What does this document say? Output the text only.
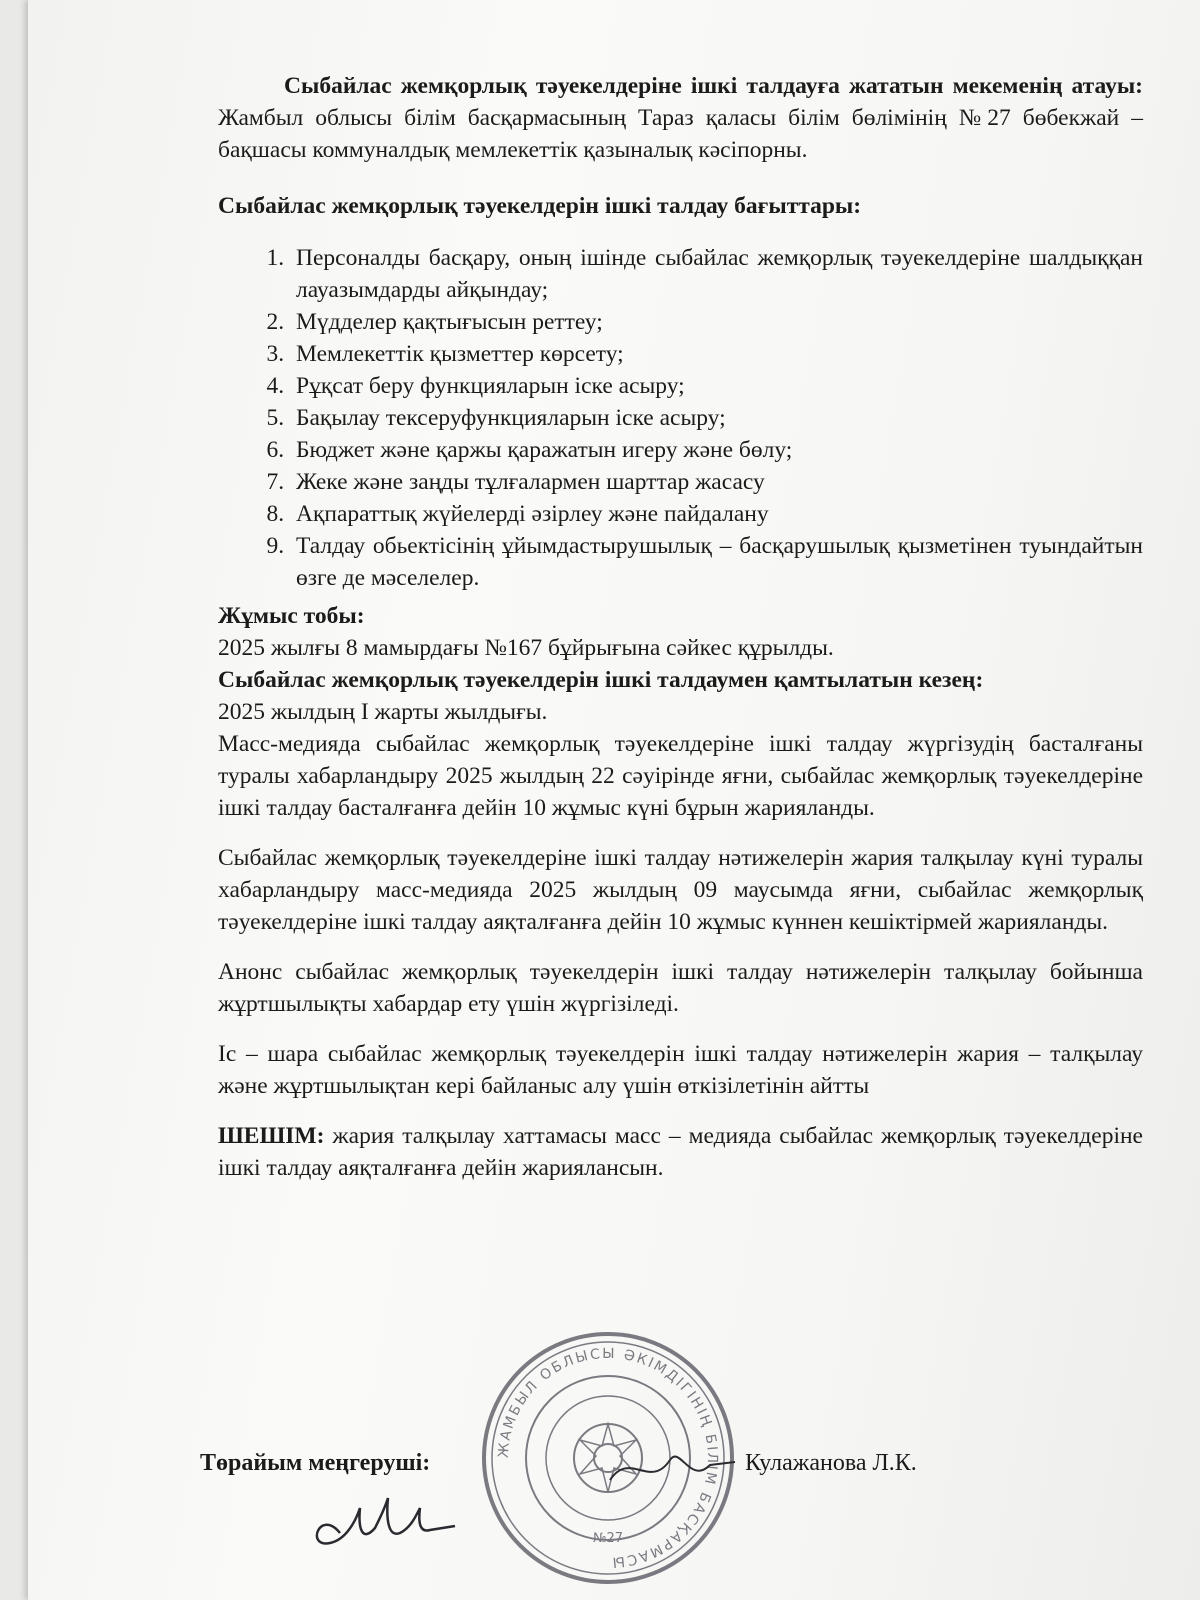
Сыбайлас жемқорлық тәуекелдеріне ішкі талдауға жататын мекеменің атауы: Жамбыл облысы білім басқармасының Тараз қаласы білім бөлімінің №27 бөбекжай – бақшасы коммуналдық мемлекеттік қазыналық кәсіпорны.

Сыбайлас жемқорлық тәуекелдерін ішкі талдау бағыттары:

1. Персоналды басқару, оның ішінде сыбайлас жемқорлық тәуекелдеріне шалдыққан лауазымдарды айқындау;
2. Мүдделер қақтығысын реттеу;
3. Мемлекеттік қызметтер көрсету;
4. Рұқсат беру функцияларын іске асыру;
5. Бақылау тексеруфункцияларын іске асыру;
6. Бюджет және қаржы қаражатын игеру және бөлу;
7. Жеке және заңды тұлғалармен шарттар жасасу
8. Ақпараттық жүйелерді әзірлеу және пайдалану
9. Талдау обьектісінің ұйымдастырушылық – басқарушылық қызметінен туындайтын өзге де мәселелер.

Жұмыс тобы:

2025 жылғы 8 мамырдағы №167 бұйрығына сәйкес құрылды.

Сыбайлас жемқорлық тәуекелдерін ішкі талдаумен қамтылатын кезең:

2025 жылдың І жарты жылдығы.

Масс-медияда сыбайлас жемқорлық тәуекелдеріне ішкі талдау жүргізудің басталғаны туралы хабарландыру 2025 жылдың 22 сәуірінде яғни, сыбайлас жемқорлық тәуекелдеріне ішкі талдау басталғанға дейін 10 жұмыс күні бұрын жарияланды.

Сыбайлас жемқорлық тәуекелдеріне ішкі талдау нәтижелерін жария талқылау күні туралы хабарландыру масс-медияда 2025 жылдың 09 маусымда яғни, сыбайлас жемқорлық тәуекелдеріне ішкі талдау аяқталғанға дейін 10 жұмыс күннен кешіктірмей жарияланды.

Анонс сыбайлас жемқорлық тәуекелдерін ішкі талдау нәтижелерін талқылау бойынша жұртшылықты хабардар ету үшін жүргізіледі.

Іс – шара сыбайлас жемқорлық тәуекелдерін ішкі талдау нәтижелерін жария – талқылау және жұртшылықтан кері байланыс алу үшін өткізілетінін айтты

ШЕШІМ: жария талқылау хаттамасы масс – медияда сыбайлас жемқорлық тәуекелдеріне ішкі талдау аяқталғанға дейін жариялансын.

ЖАМБЫЛ ОБЛЫСЫ ӘКІМДІГІНІҢ БІЛІМ БАСҚАРМАСЫ
№27
Төрайым меңгеруші:	Кулажанова Л.К.
